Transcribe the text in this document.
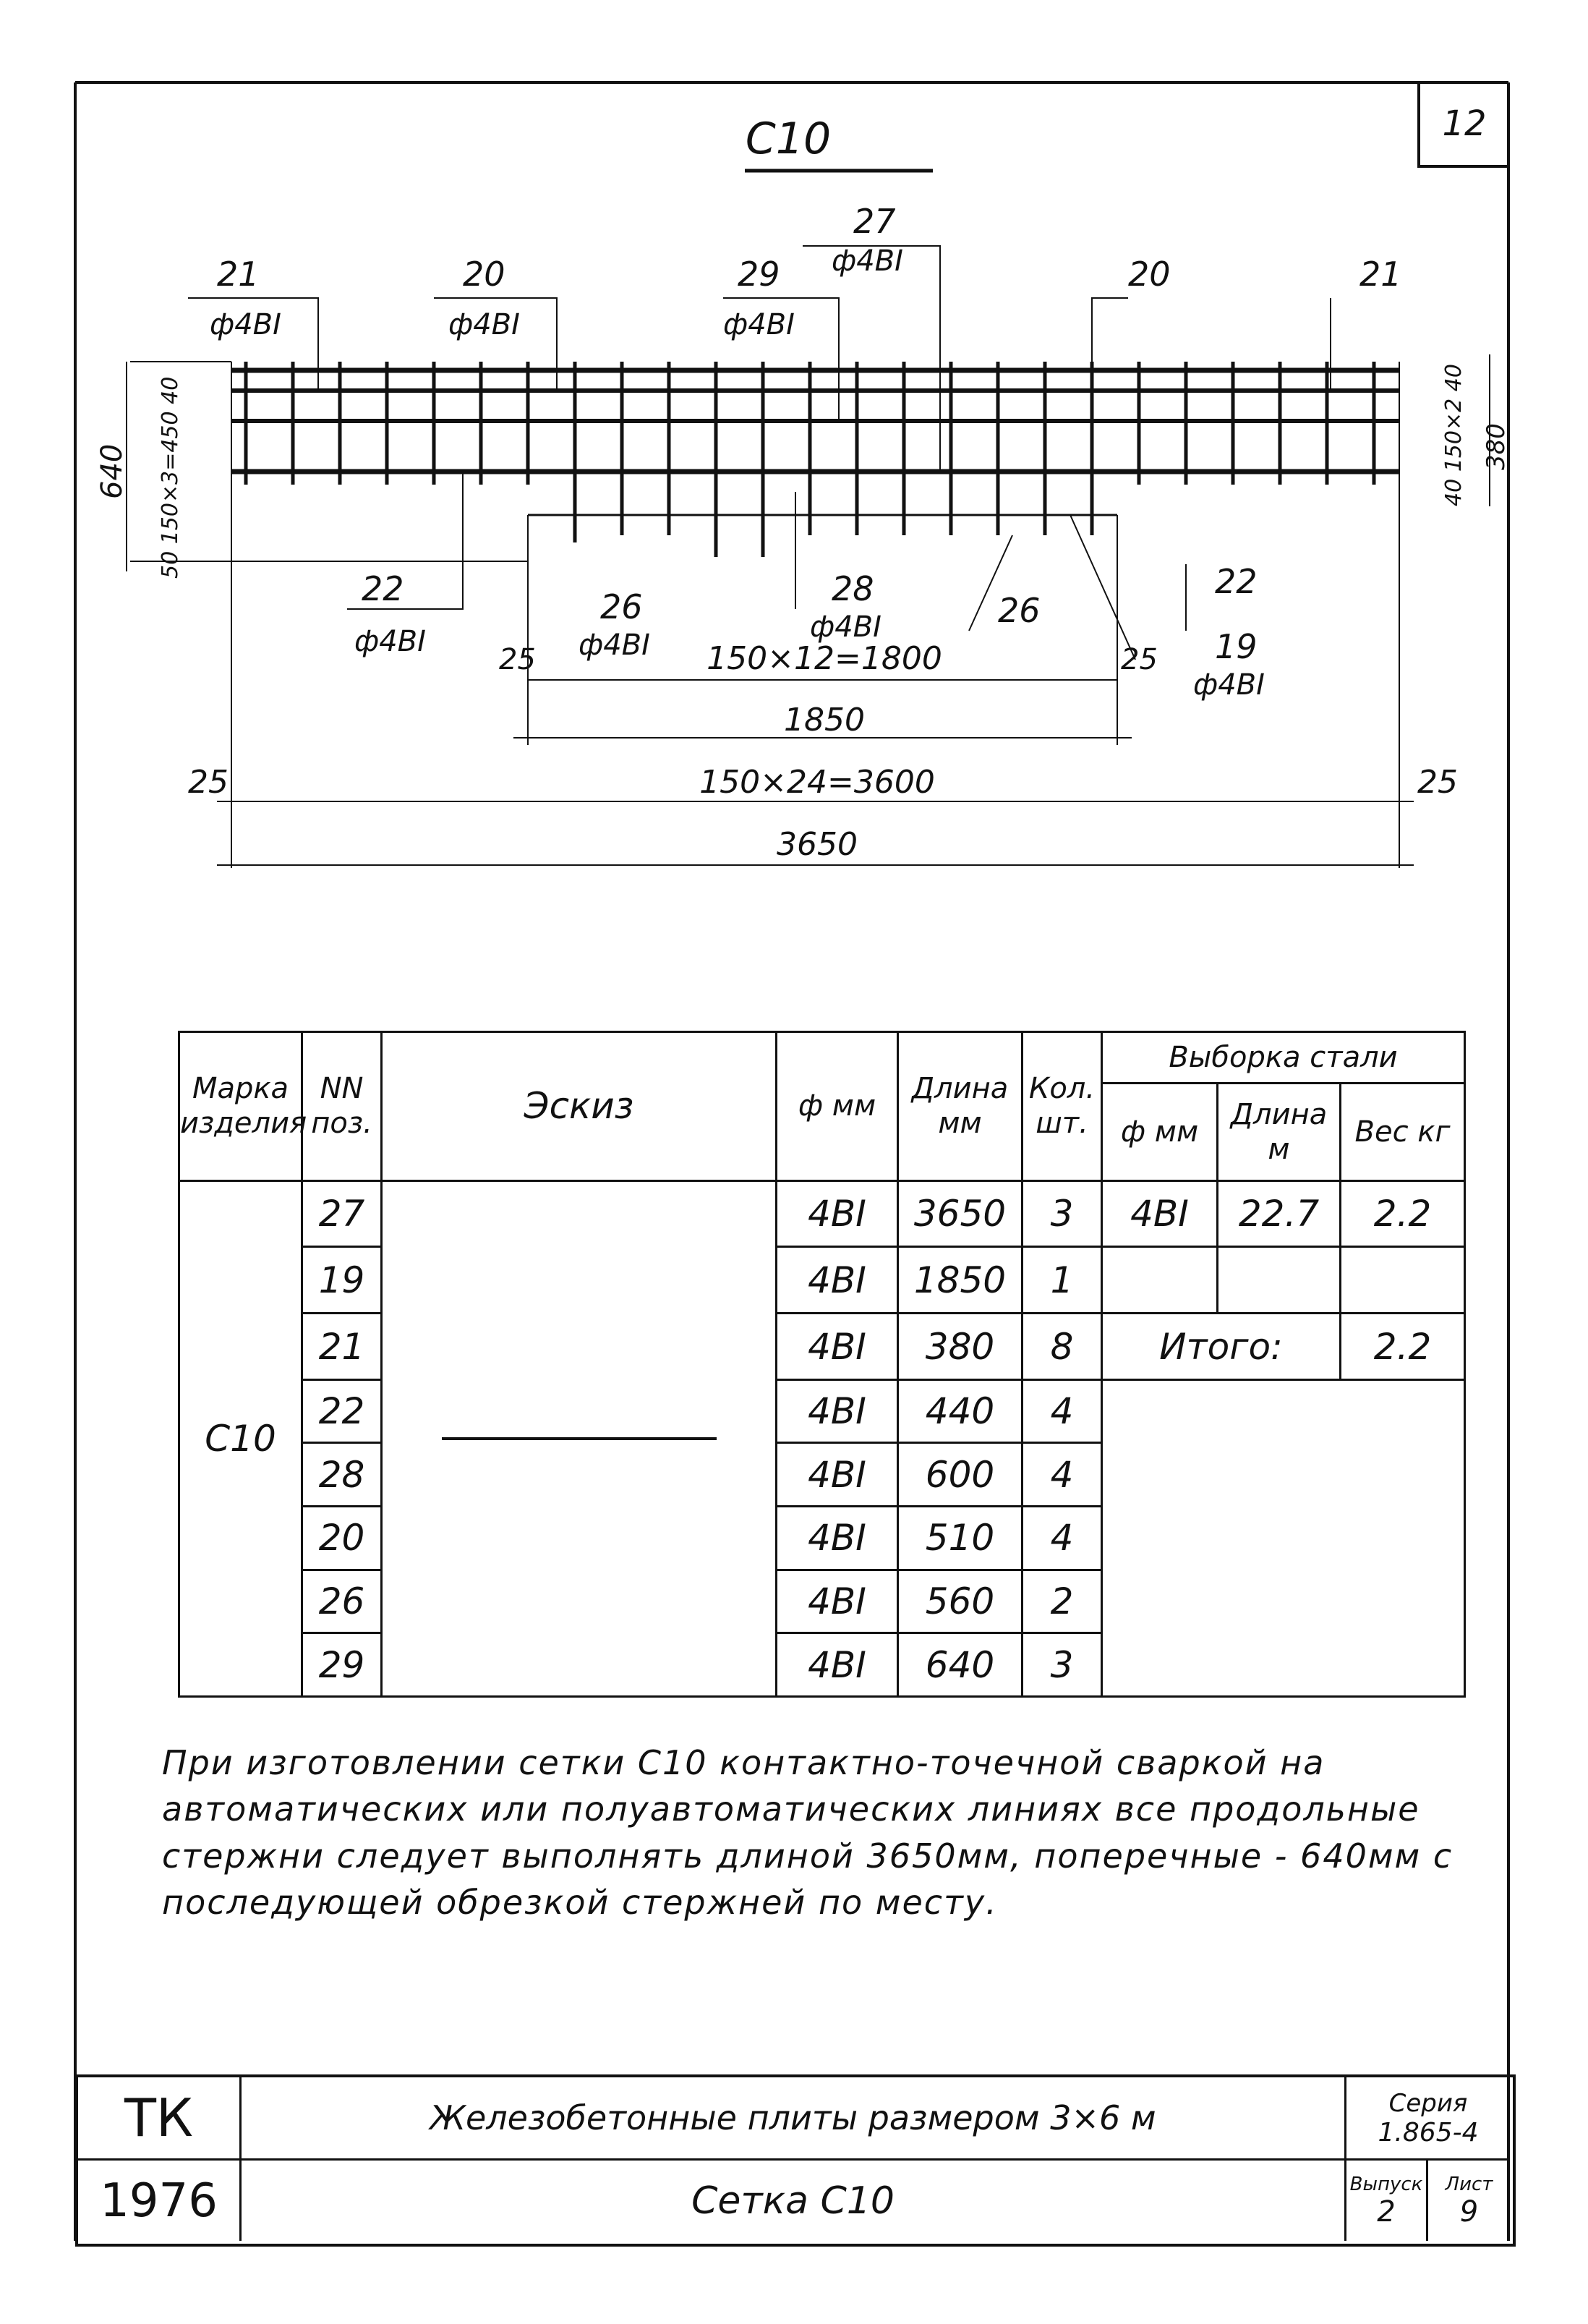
12
С10
21
ф4ВI
20
ф4ВI
29
ф4ВI
27
ф4ВI	20	21
22
ф4ВI
26
ф4ВI
28
ф4ВI	26
22
19
ф4ВI
150×12=1800
1850
150×24=3600
3650
25	25
25	25
640 50 150×3=450 40	40 150×2 40 380
Марка изделия	NN поз.	Эскиз	ф мм	Длина мм	Кол. шт.	Выборка стали		
						ф мм	Длина м	Вес кг
С10	27		4ВI	3650	3	4ВI	22.7	2.2
	19		4ВI	1850	1			
	21		4ВI	380	8	Итого:		2.2
	22		4ВI	440	4			
	28		4ВI	600	4			
	20		4ВI	510	4			
	26		4ВI	560	2			
	29		4ВI	640	3			
При изготовлении сетки С10 контактно-точечной сваркой на автоматических или полуавтоматических линиях все продольные стержни следует выполнять длиной 3650мм, поперечные - 640мм с последующей обрезкой стержней по месту.
ТК
1976
Железобетонные плиты размером 3×6 м
Сетка С10
Серия
1.865-4
Выпуск
2
Лист
9
